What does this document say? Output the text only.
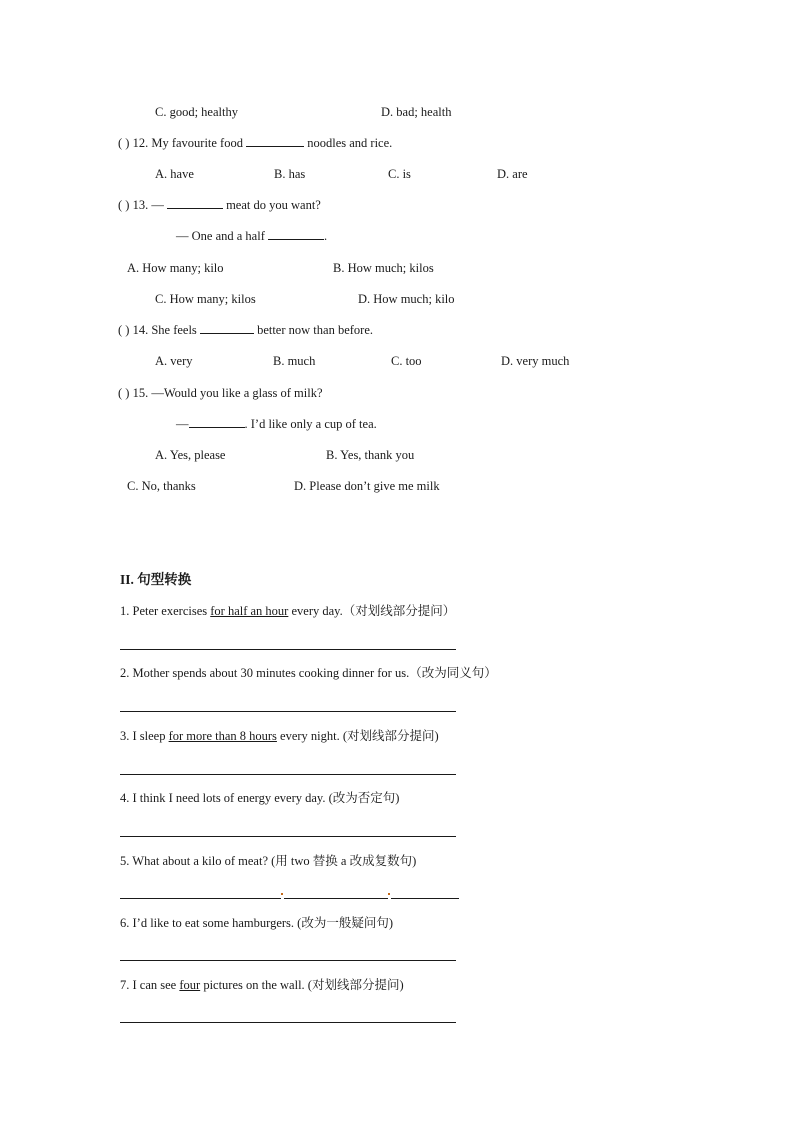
C. good; healthy	D. bad; health
( ) 12. My favourite food	noodles and rice.
A. have	B. has	C. is	D. are
( ) 13. —	meat do you want?
— One and a half	.
A. How many; kilo	B. How much; kilos
C. How many; kilos	D. How much; kilo
( ) 14. She feels	better now than before.
A. very	B. much	C. too	D. very much
( ) 15. —Would you like a glass of milk?
—	. I’d like only a cup of tea.
A. Yes, please	B. Yes, thank you
C. No, thanks	D. Please don’t give me milk
II. 句型转换
1. Peter exercises for half an hour every day.（对划线部分提问）
2. Mother spends about 30 minutes cooking dinner for us.（改为同义句）
3. I sleep for more than 8 hours every night. (对划线部分提问)
4. I think I need lots of energy every day. (改为否定句)
5. What about a kilo of meat? (用 two 替换 a 改成复数句)
6. I’d like to eat some hamburgers. (改为一般疑问句)
7. I can see four pictures on the wall. (对划线部分提问)
